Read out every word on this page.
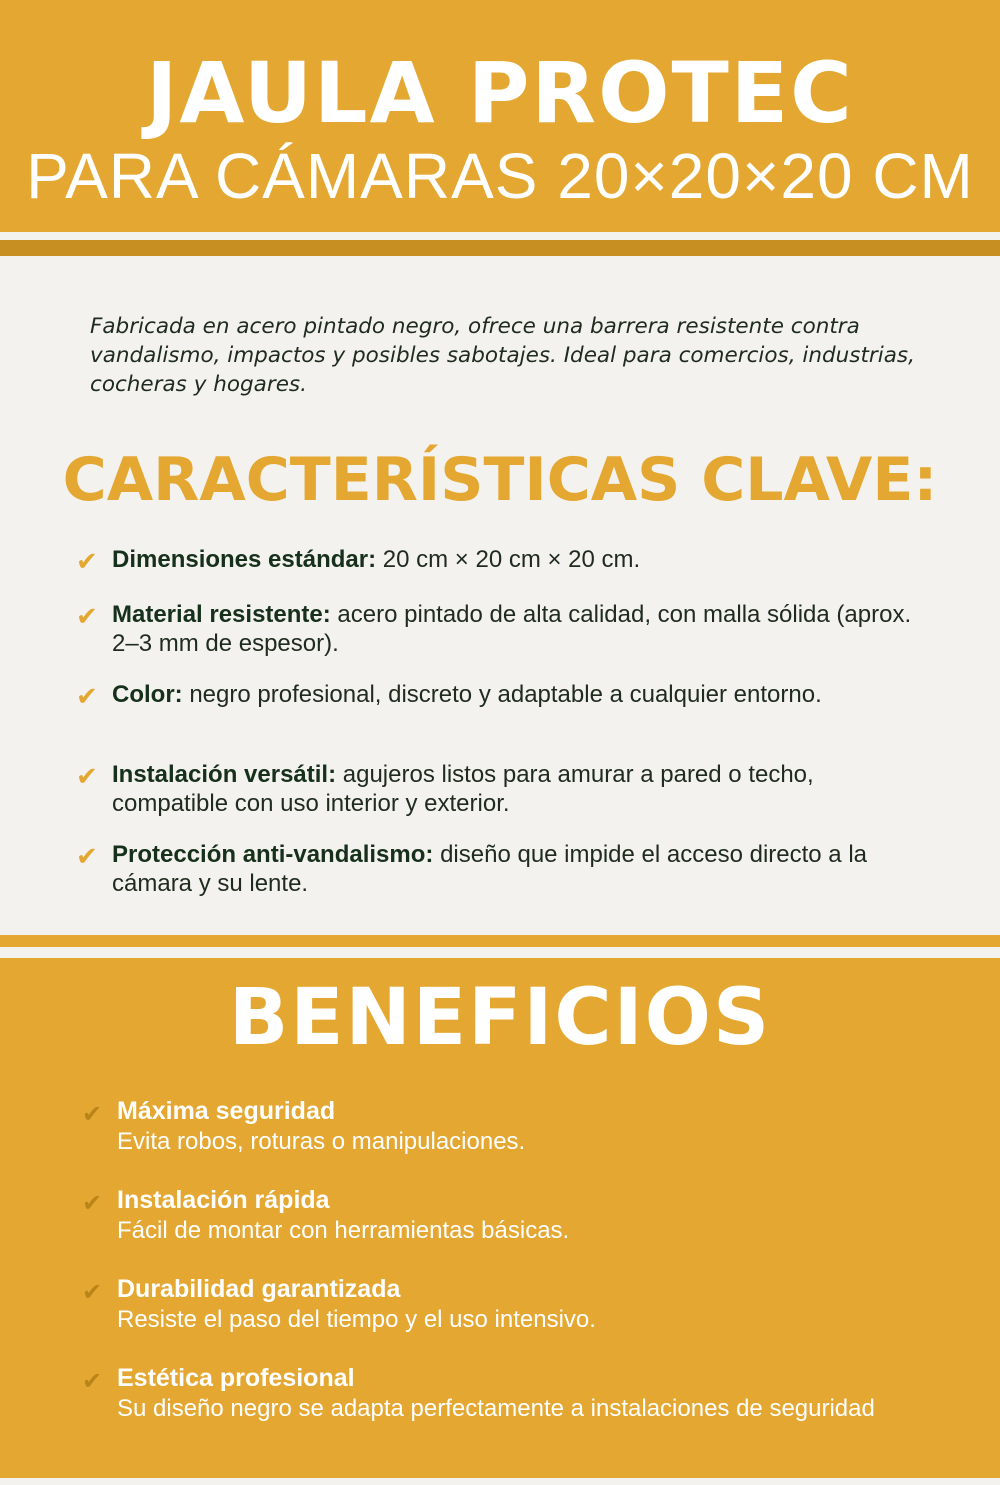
JAULA PROTEC
PARA CÁMARAS 20×20×20 CM

Fabricada en acero pintado negro, ofrece una barrera resistente contra vandalismo, impactos y posibles sabotajes. Ideal para comercios, industrias, cocheras y hogares.

CARACTERÍSTICAS CLAVE:
✔ Dimensiones estándar: 20 cm × 20 cm × 20 cm.
✔ Material resistente: acero pintado de alta calidad, con malla sólida (aprox. 2–3 mm de espesor).
✔ Color: negro profesional, discreto y adaptable a cualquier entorno.
✔ Instalación versátil: agujeros listos para amurar a pared o techo, compatible con uso interior y exterior.
✔ Protección anti-vandalismo: diseño que impide el acceso directo a la cámara y su lente.
BENEFICIOS
✔ Máxima seguridad
Evita robos, roturas o manipulaciones.
✔ Instalación rápida
Fácil de montar con herramientas básicas.
✔ Durabilidad garantizada
Resiste el paso del tiempo y el uso intensivo.
✔ Estética profesional
Su diseño negro se adapta perfectamente a instalaciones de seguridad
